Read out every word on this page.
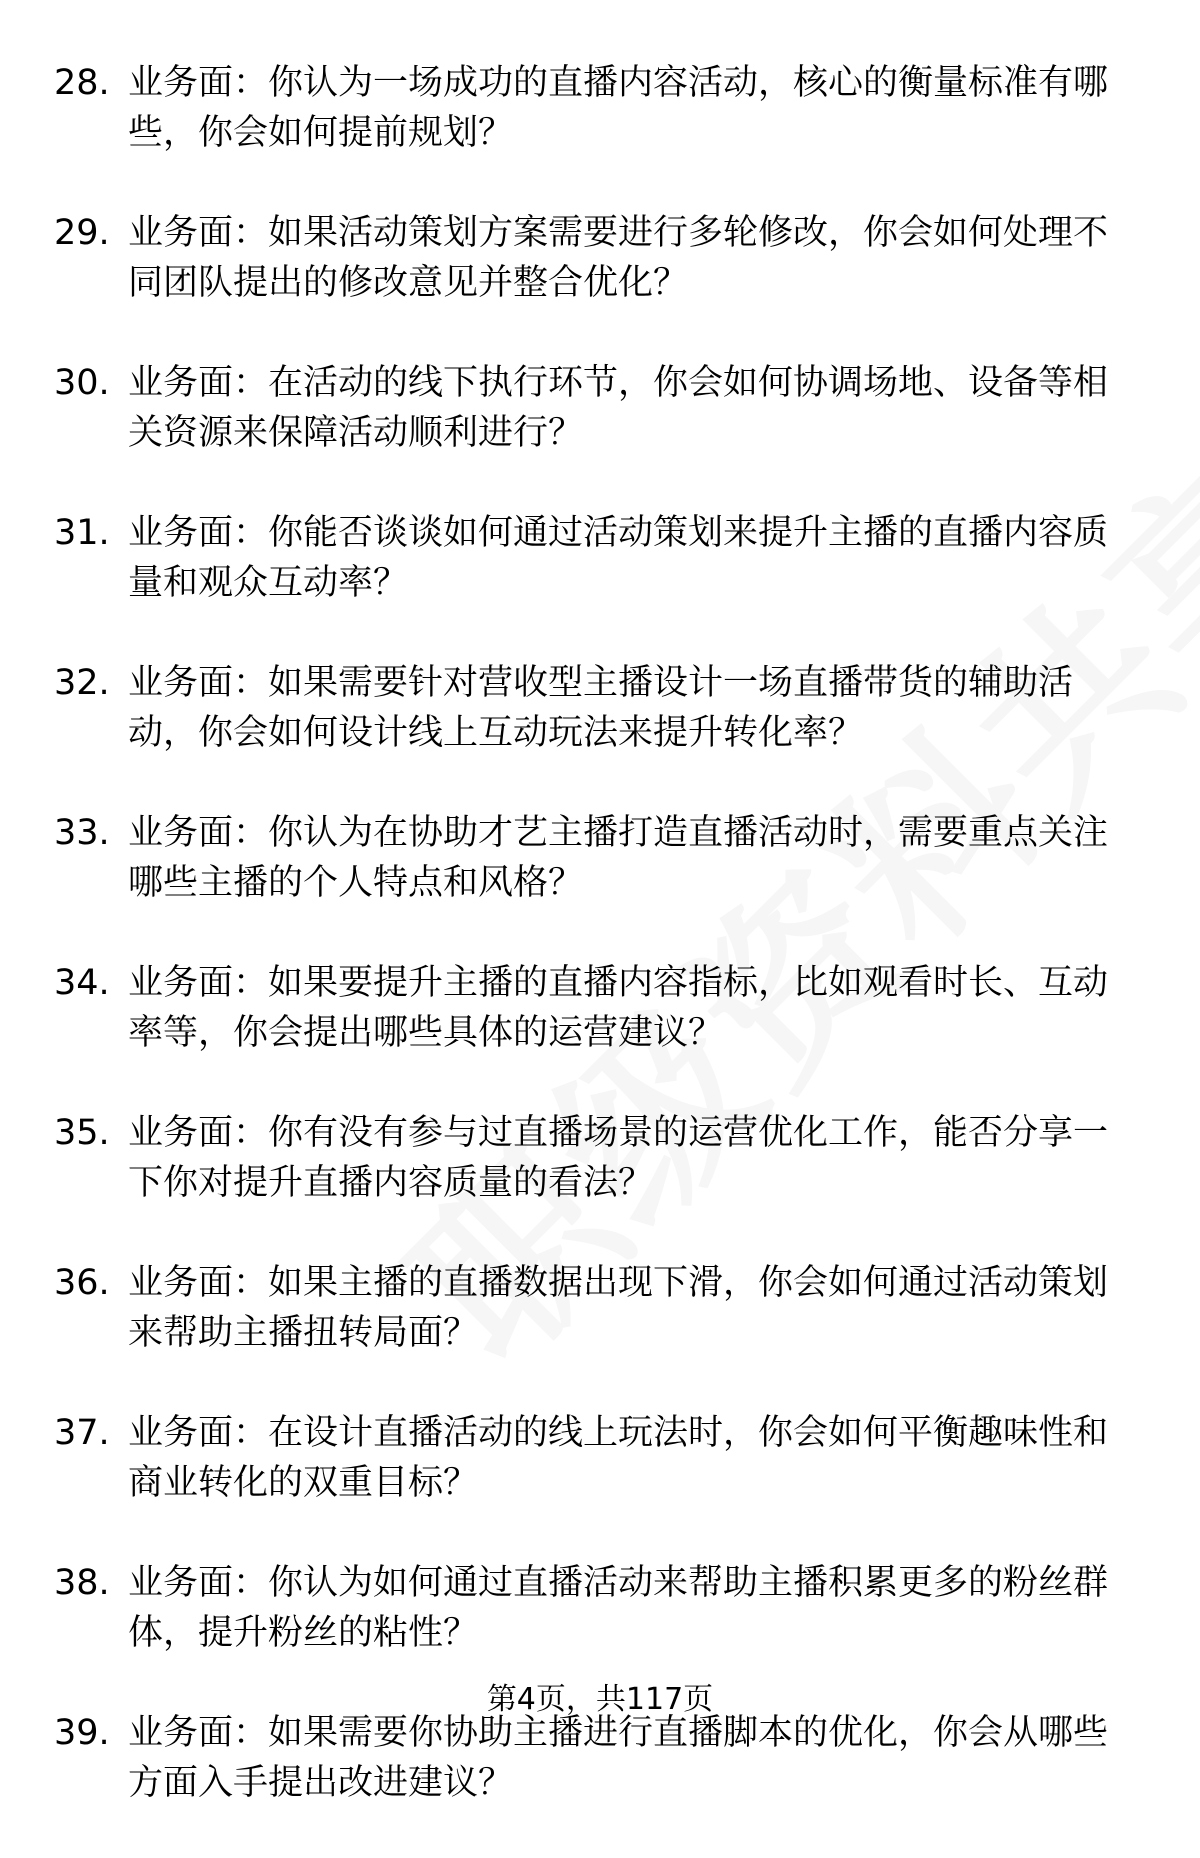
28. 业务面：你认为一场成功的直播内容活动，核心的衡量标准有哪些，你会如何提前规划？
29. 业务面：如果活动策划方案需要进行多轮修改，你会如何处理不同团队提出的修改意见并整合优化？
30. 业务面：在活动的线下执行环节，你会如何协调场地、设备等相关资源来保障活动顺利进行？
31. 业务面：你能否谈谈如何通过活动策划来提升主播的直播内容质量和观众互动率？
32. 业务面：如果需要针对营收型主播设计一场直播带货的辅助活动，你会如何设计线上互动玩法来提升转化率？
33. 业务面：你认为在协助才艺主播打造直播活动时，需要重点关注哪些主播的个人特点和风格？
34. 业务面：如果要提升主播的直播内容指标，比如观看时长、互动率等，你会提出哪些具体的运营建议？
35. 业务面：你有没有参与过直播场景的运营优化工作，能否分享一下你对提升直播内容质量的看法？
36. 业务面：如果主播的直播数据出现下滑，你会如何通过活动策划来帮助主播扭转局面？
37. 业务面：在设计直播活动的线上玩法时，你会如何平衡趣味性和商业转化的双重目标？
38. 业务面：你认为如何通过直播活动来帮助主播积累更多的粉丝群体，提升粉丝的粘性？
39. 业务面：如果需要你协助主播进行直播脚本的优化，你会从哪些方面入手提出改进建议？
第4页，共117页
